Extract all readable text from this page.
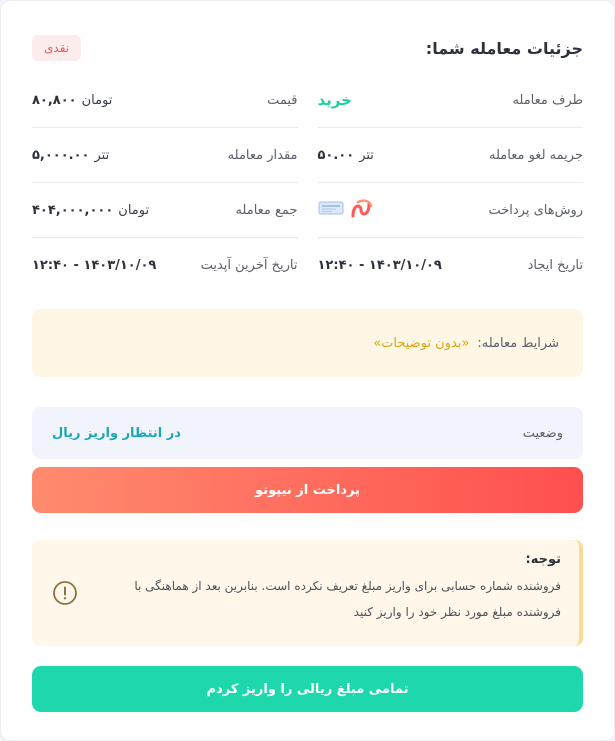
جزئیات معامله شما:
نقدی
طرف معامله
خرید
قیمت
تومان
۸۰,۸۰۰
جریمه لغو معامله
تتر
۵۰.۰۰
مقدار معامله
تتر
۵,۰۰۰.۰۰
روش‌های پرداخت
جمع معامله
تومان
۴۰۴,۰۰۰,۰۰۰
تاریخ ایجاد
۱۴۰۳/۱۰/۰۹ - ۱۲:۴۰
تاریخ آخرین آپدیت
۱۴۰۳/۱۰/۰۹ - ۱۲:۴۰
شرایط معامله:
«بدون توضیحات»
وضعیت
در انتظار واریز ریال
پرداخت از نیپوتو
توجه:
فروشنده شماره حسابی برای واریز مبلغ تعریف نکرده است. بنابرین بعد از هماهنگی با فروشنده مبلغ مورد نظر خود را واریز کنید
تمامی مبلغ ریالی را واریز کردم
